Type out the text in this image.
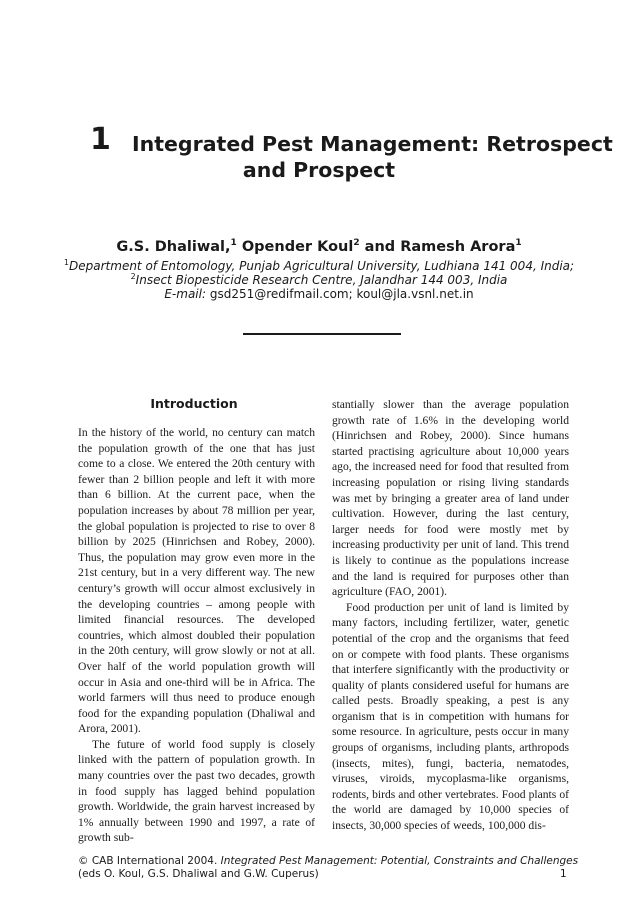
1 Integrated Pest Management: Retrospect
and Prospect
G.S. Dhaliwal,$^1$ Opender Koul$^2$ and Ramesh Arora$^1$
$^1$Department of Entomology, Punjab Agricultural University, Ludhiana 141 004, India;
$^2$Insect Biopesticide Research Centre, Jalandhar 144 003, India
E-mail: gsd251@redifmail.com; koul@jla.vsnl.net.in
Introduction

In the history of the world, no century can match the population growth of the one that has just come to a close. We entered the 20th century with fewer than 2 billion people and left it with more than 6 billion. At the current pace, when the population increases by about 78 million per year, the global population is projected to rise to over 8 billion by 2025 (Hinrichsen and Robey, 2000). Thus, the population may grow even more in the 21st century, but in a very different way. The new century’s growth will occur almost exclusively in the developing countries – among people with limited financial resources. The developed countries, which almost doubled their population in the 20th century, will grow slowly or not at all. Over half of the world population growth will occur in Asia and one-third will be in Africa. The world farmers will thus need to produce enough food for the expanding population (Dhaliwal and Arora, 2001).

The future of world food supply is closely linked with the pattern of population growth. In many countries over the past two decades, growth in food supply has lagged behind population growth. Worldwide, the grain harvest increased by 1% annually between 1990 and 1997, a rate of growth sub-

stantially slower than the average population growth rate of 1.6% in the developing world (Hinrichsen and Robey, 2000). Since humans started practising agriculture about 10,000 years ago, the increased need for food that resulted from increasing population or rising living standards was met by bringing a greater area of land under cultivation. However, during the last century, larger needs for food were mostly met by increasing productivity per unit of land. This trend is likely to continue as the populations increase and the land is required for purposes other than agriculture (FAO, 2001).

Food production per unit of land is limited by many factors, including fertilizer, water, genetic potential of the crop and the organisms that feed on or compete with food plants. These organisms that interfere significantly with the productivity or quality of plants considered useful for humans are called pests. Broadly speaking, a pest is any organism that is in competition with humans for some resource. In agriculture, pests occur in many groups of organisms, including plants, arthropods (insects, mites), fungi, bacteria, nematodes, viruses, viroids, mycoplasma-like organisms, rodents, birds and other vertebrates. Food plants of the world are damaged by 10,000 species of insects, 30,000 species of weeds, 100,000 dis-

© CAB International 2004. Integrated Pest Management: Potential, Constraints and Challenges
(eds O. Koul, G.S. Dhaliwal and G.W. Cuperus)	1
